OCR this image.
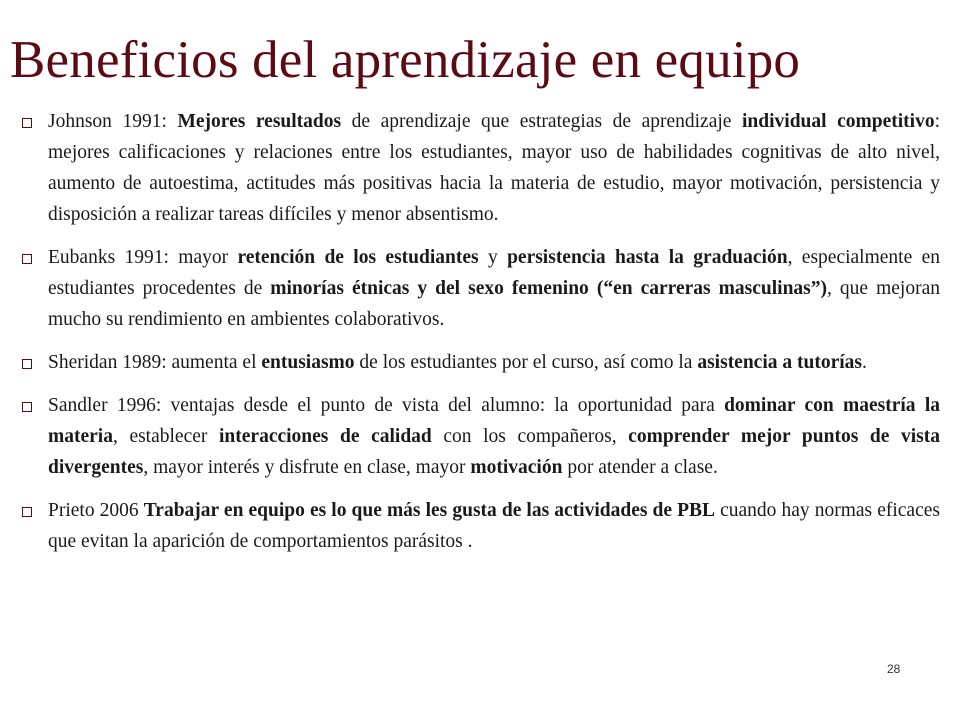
Beneficios del aprendizaje en equipo
Johnson 1991: Mejores resultados de aprendizaje que estrategias de aprendizaje individual competitivo: mejores calificaciones y relaciones entre los estudiantes, mayor uso de habilidades cognitivas de alto nivel, aumento de autoestima, actitudes más positivas hacia la materia de estudio, mayor motivación, persistencia y disposición a realizar tareas difíciles y menor absentismo.
Eubanks 1991: mayor retención de los estudiantes y persistencia hasta la graduación, especialmente en estudiantes procedentes de minorías étnicas y del sexo femenino (“en carreras masculinas”), que mejoran mucho su rendimiento en ambientes colaborativos.
Sheridan 1989: aumenta el entusiasmo de los estudiantes por el curso, así como la asistencia a tutorías.
Sandler 1996: ventajas desde el punto de vista del alumno: la oportunidad para dominar con maestría la materia, establecer interacciones de calidad con los compañeros, comprender mejor puntos de vista divergentes, mayor interés y disfrute en clase, mayor motivación por atender a clase.
Prieto 2006 Trabajar en equipo es lo que más les gusta de las actividades de PBL cuando hay normas eficaces que evitan la aparición de comportamientos parásitos .
28
